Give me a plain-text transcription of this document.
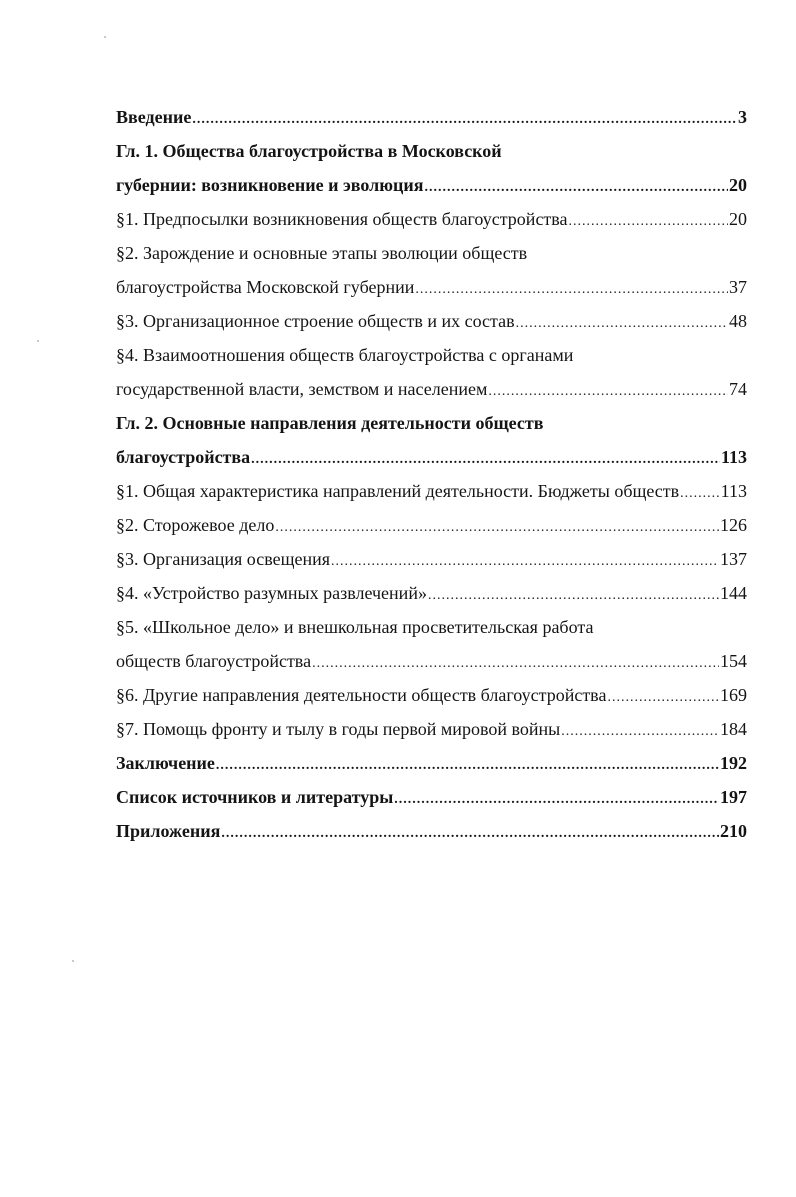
Введение .....	3
Гл. 1. Общества благоустройства в Московской
губернии: возникновение и эволюция .....	20
§1. Предпосылки возникновения обществ благоустройства .....	20
§2. Зарождение и основные этапы эволюции обществ
благоустройства Московской губернии .....	37
§3. Организационное строение обществ и их состав .....	48
§4. Взаимоотношения обществ благоустройства с органами
государственной власти, земством и населением .....	74
Гл. 2. Основные направления деятельности обществ
благоустройства .....	113
§1. Общая характеристика направлений деятельности. Бюджеты обществ ..... 113
§2. Сторожевое дело .....	126
§3. Организация освещения .....	137
§4. «Устройство разумных развлечений» .....	144
§5. «Школьное дело» и внешкольная просветительская работа
обществ благоустройства .....	154
§6. Другие направления деятельности обществ благоустройства .....	169
§7. Помощь фронту и тылу в годы первой мировой войны .....	184
Заключение .....	192
Список источников и литературы .....	197
Приложения .....	210
